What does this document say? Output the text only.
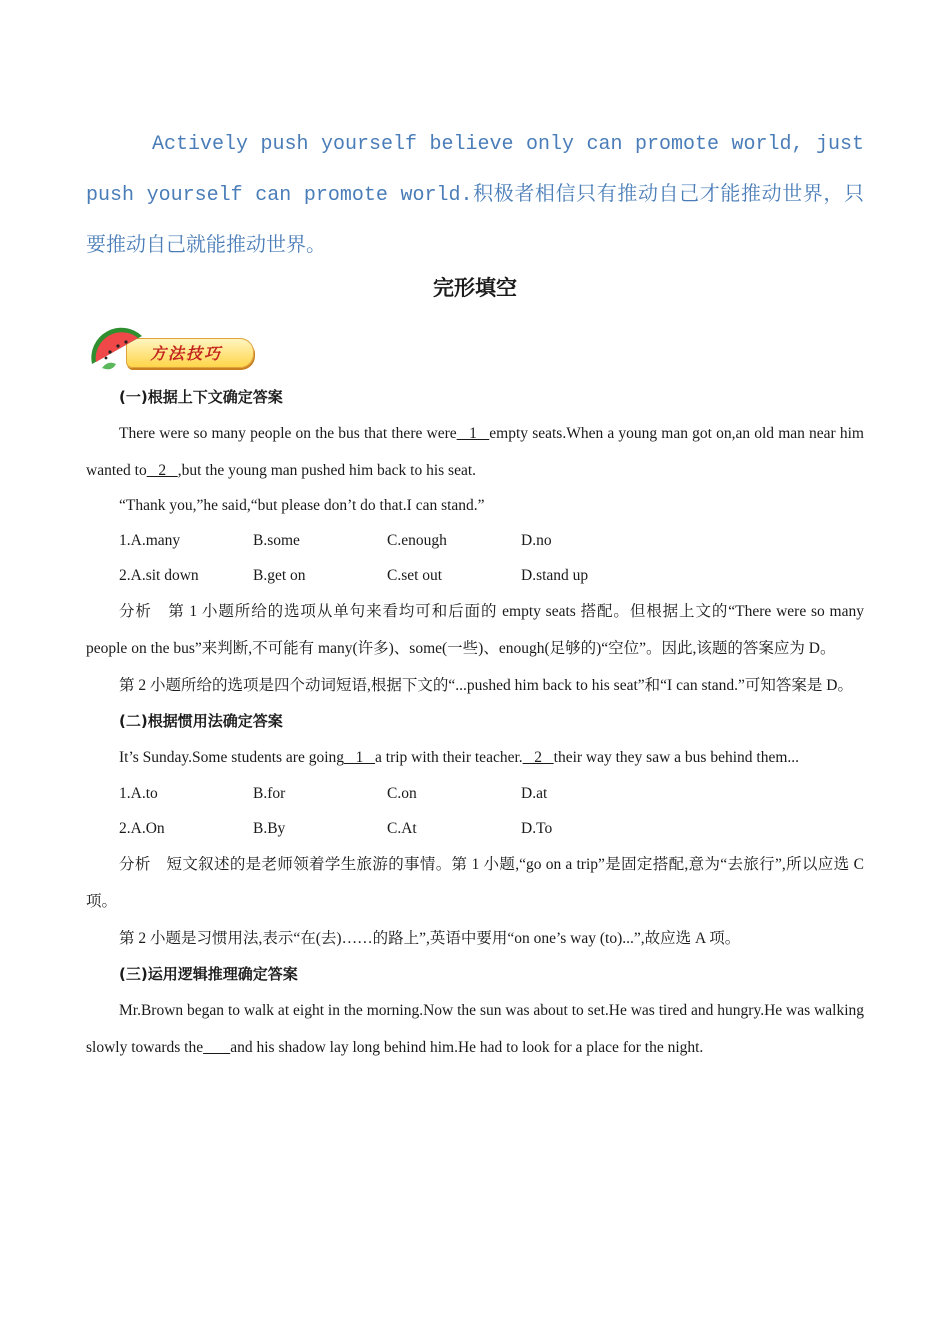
Actively push yourself believe only can promote world, just push yourself can promote world.积极者相信只有推动自己才能推动世界，只要推动自己就能推动世界。
完形填空
方法技巧
(一)根据上下文确定答案
There were so many people on the bus that there were   1   empty seats.When a young man got on,an old man near him wanted to   2   ,but the young man pushed him back to his seat.
“Thank you,”he said,“but please don’t do that.I can stand.”
1.A.many	B.some	C.enough	D.no
2.A.sit down	B.get on	C.set out	D.stand up
分析　第 1 小题所给的选项从单句来看均可和后面的 empty seats 搭配。但根据上文的“There were so many people on the bus”来判断,不可能有 many(许多)、some(一些)、enough(足够的)“空位”。因此,该题的答案应为 D。
第 2 小题所给的选项是四个动词短语,根据下文的“...pushed him back to his seat”和“I can stand.”可知答案是 D。
(二)根据惯用法确定答案
It’s Sunday.Some students are going   1   a trip with their teacher.   2   their way they saw a bus behind them...
1.A.to	B.for	C.on	D.at
2.A.On	B.By	C.At	D.To
分析　短文叙述的是老师领着学生旅游的事情。第 1 小题,“go on a trip”是固定搭配,意为“去旅行”,所以应选 C 项。
第 2 小题是习惯用法,表示“在(去)……的路上”,英语中要用“on one’s way (to)...”,故应选 A 项。
(三)运用逻辑推理确定答案
Mr.Brown began to walk at eight in the morning.Now the sun was about to set.He was tired and hungry.He was walking slowly towards the and his shadow lay long behind him.He had to look for a place for the night.
